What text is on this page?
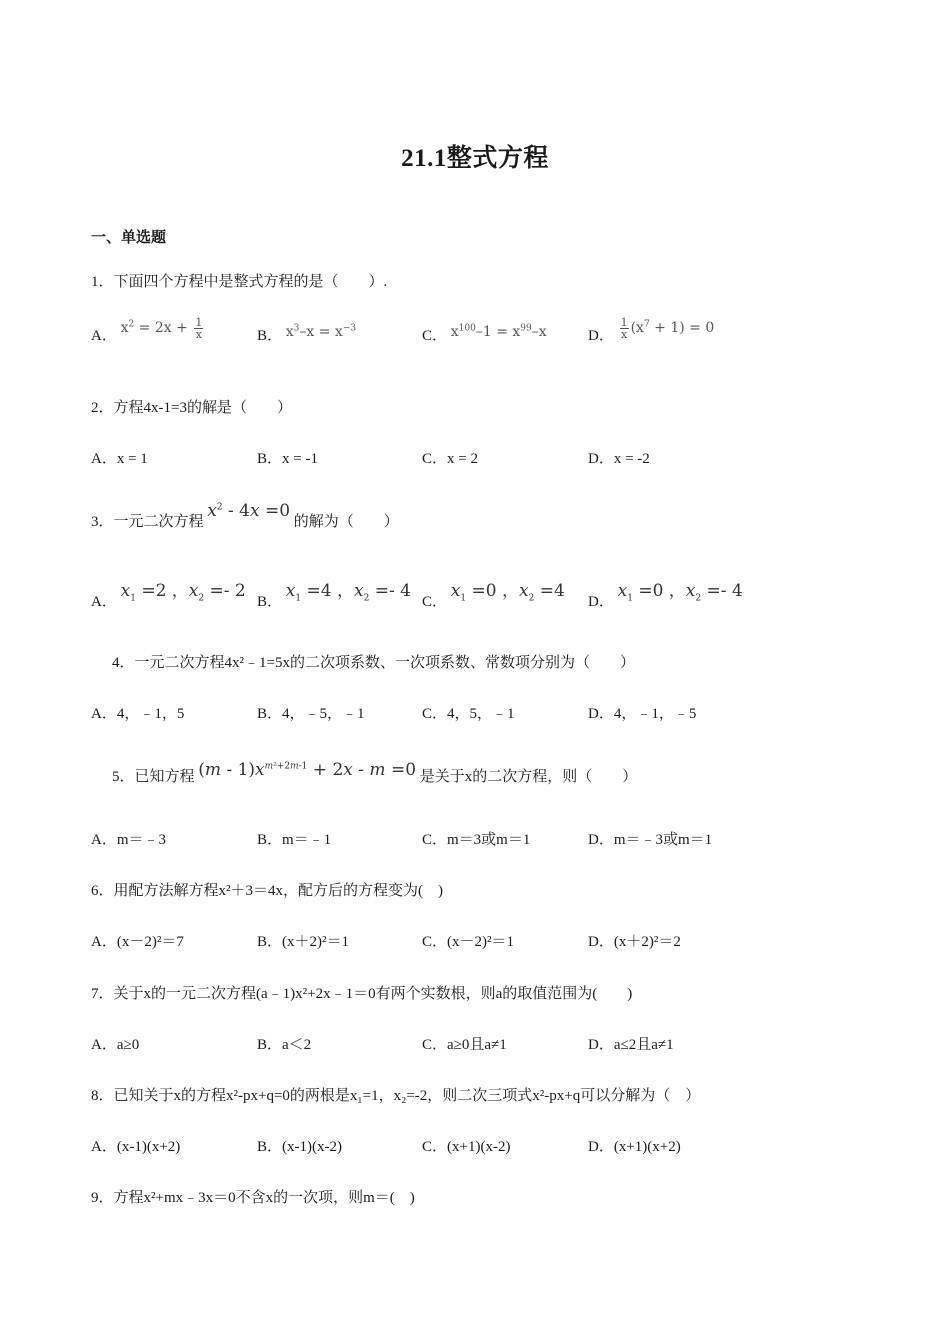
21.1整式方程
一、单选题
1．下面四个方程中是整式方程的是（　　）.
A． $x^2 = 2x + \frac{1}{x}$	B． $x^3-x = x^{-3}$	C． $x^{100}-1 = x^{99}-x$	D． $\frac{1}{x} (x^7 + 1) = 0$
2．方程4x-1=3的解是（　　）
A．x = 1	B．x = -1	C．x = 2	D．x = -2
3．一元二次方程 $x^2 - 4x =0$ 的解为（　　）
A． $x_1 =2$ ，$x_2 =- 2$
B． $x_1 =4$ ，$x_2 =- 4$
C． $x_1 =0$ ，$x_2 =4$
D． $x_1 =0$ ，$x_2 =- 4$
4．一元二次方程4x²﹣1=5x的二次项系数、一次项系数、常数项分别为（　　）
A．4，﹣1，5	B．4，﹣5，﹣1	C．4，5，﹣1	D．4，﹣1，﹣5
5．已知方程 $(m - 1)x^{m^2+2m-1} + 2x - m =0$ 是关于x的二次方程，则（　　）
A．m＝﹣3	B．m＝﹣1	C．m＝3或m＝1	D．m＝﹣3或m＝1
6．用配方法解方程x²＋3＝4x，配方后的方程变为(　)
A．(x－2)²＝7	B．(x＋2)²＝1	C．(x－2)²＝1	D．(x＋2)²＝2
7．关于x的一元二次方程(a﹣1)x²+2x﹣1＝0有两个实数根，则a的取值范围为(　　)
A．a≥0	B．a＜2	C．a≥0且a≠1	D．a≤2且a≠1
8．已知关于x的方程x²-px+q=0的两根是x₁=1，x₂=-2，则二次三项式x²-px+q可以分解为（　）
A．(x-1)(x+2)	B．(x-1)(x-2)	C．(x+1)(x-2)	D．(x+1)(x+2)
9．方程x²+mx﹣3x＝0不含x的一次项，则m＝(　)
